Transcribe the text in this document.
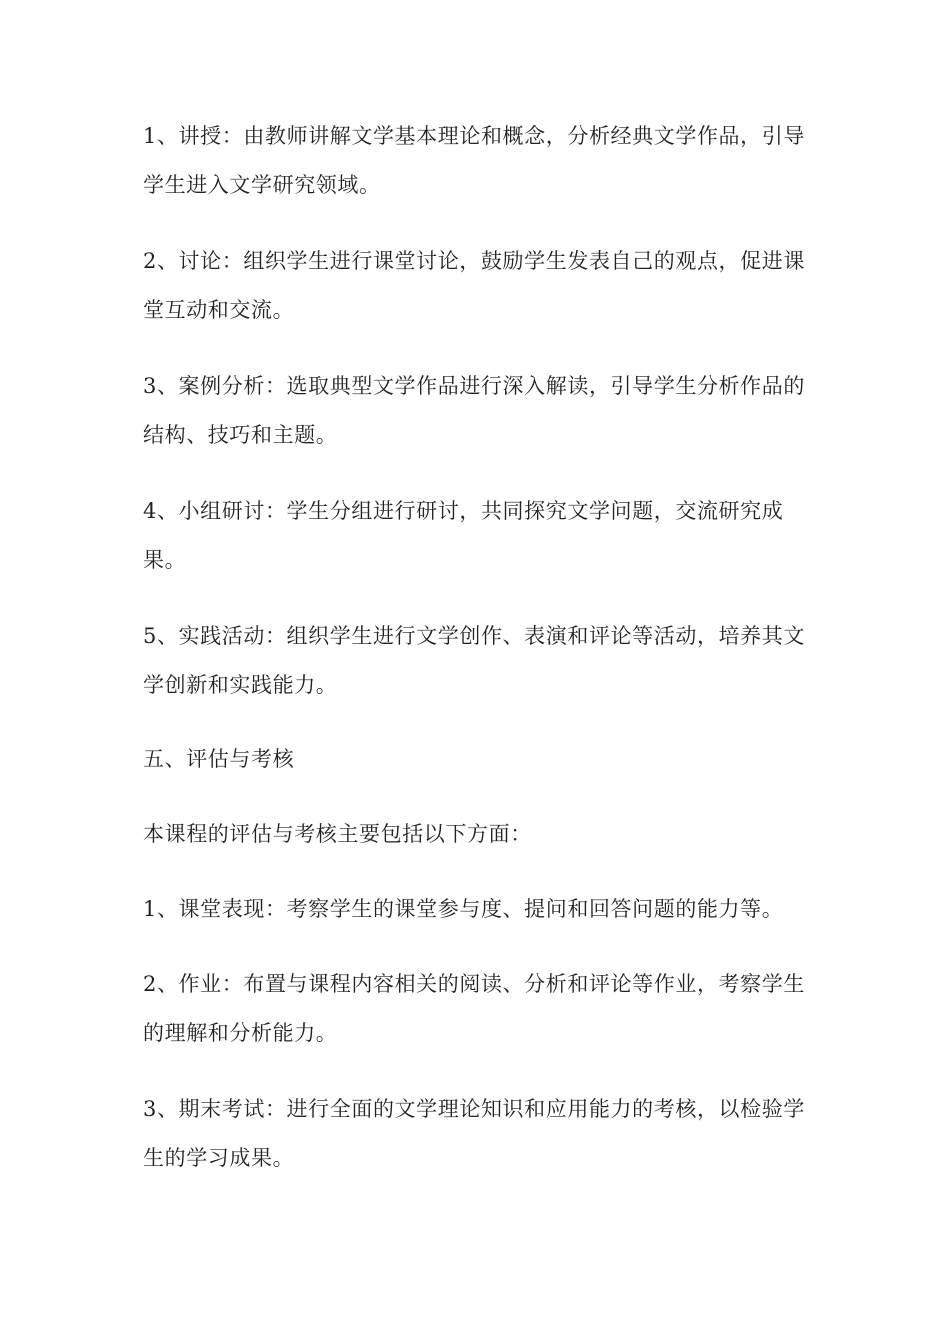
1、讲授：由教师讲解文学基本理论和概念，分析经典文学作品，引导学生进入文学研究领域。

2、讨论：组织学生进行课堂讨论，鼓励学生发表自己的观点，促进课堂互动和交流。

3、案例分析：选取典型文学作品进行深入解读，引导学生分析作品的结构、技巧和主题。

4、小组研讨：学生分组进行研讨，共同探究文学问题，交流研究成果。

5、实践活动：组织学生进行文学创作、表演和评论等活动，培养其文学创新和实践能力。

五、评估与考核

本课程的评估与考核主要包括以下方面：

1、课堂表现：考察学生的课堂参与度、提问和回答问题的能力等。

2、作业：布置与课程内容相关的阅读、分析和评论等作业，考察学生的理解和分析能力。

3、期末考试：进行全面的文学理论知识和应用能力的考核，以检验学生的学习成果。
